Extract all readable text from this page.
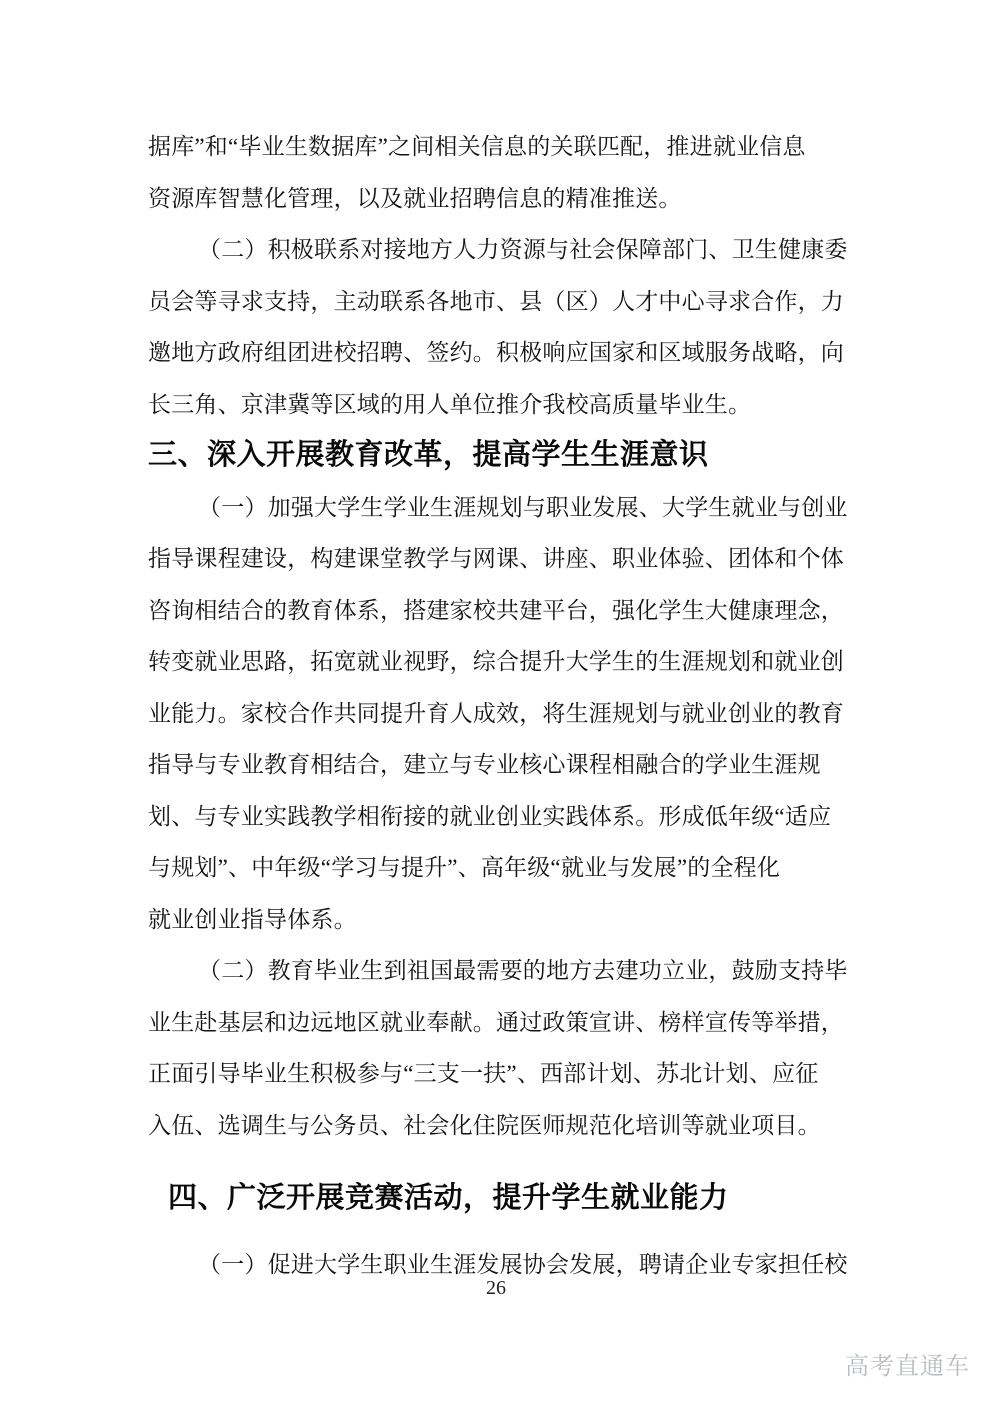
据库”和“毕业生数据库”之间相关信息的关联匹配，推进就业信息
资源库智慧化管理，以及就业招聘信息的精准推送。
（二）积极联系对接地方人力资源与社会保障部门、卫生健康委
员会等寻求支持，主动联系各地市、县（区）人才中心寻求合作，力
邀地方政府组团进校招聘、签约。积极响应国家和区域服务战略，向
长三角、京津冀等区域的用人单位推介我校高质量毕业生。
三、深入开展教育改革，提高学生生涯意识
（一）加强大学生学业生涯规划与职业发展、大学生就业与创业
指导课程建设，构建课堂教学与网课、讲座、职业体验、团体和个体
咨询相结合的教育体系，搭建家校共建平台，强化学生大健康理念，
转变就业思路，拓宽就业视野，综合提升大学生的生涯规划和就业创
业能力。家校合作共同提升育人成效，将生涯规划与就业创业的教育
指导与专业教育相结合，建立与专业核心课程相融合的学业生涯规
划、与专业实践教学相衔接的就业创业实践体系。形成低年级“适应
与规划”、中年级“学习与提升”、高年级“就业与发展”的全程化
就业创业指导体系。
（二）教育毕业生到祖国最需要的地方去建功立业，鼓励支持毕
业生赴基层和边远地区就业奉献。通过政策宣讲、榜样宣传等举措，
正面引导毕业生积极参与“三支一扶”、西部计划、苏北计划、应征
入伍、选调生与公务员、社会化住院医师规范化培训等就业项目。
四、广泛开展竞赛活动，提升学生就业能力
（一）促进大学生职业生涯发展协会发展，聘请企业专家担任校
26
高考直通车
